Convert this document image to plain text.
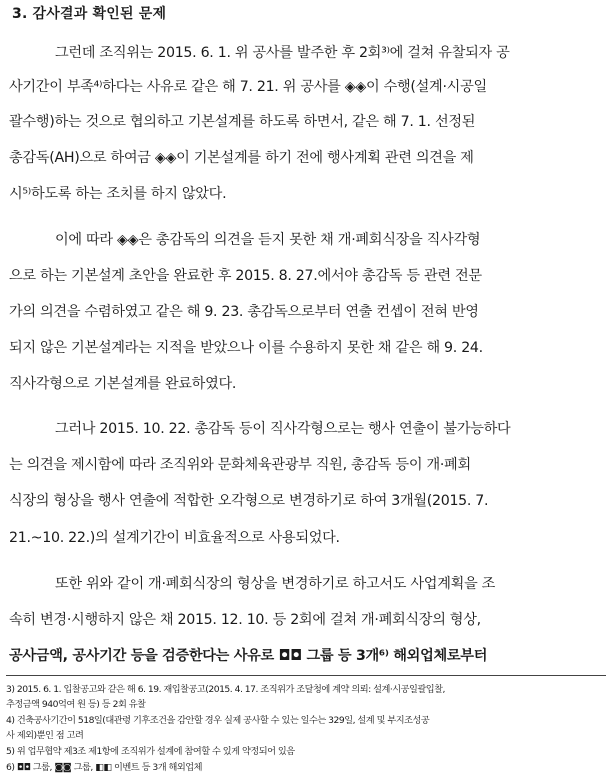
3. 감사결과 확인된 문제
그런데 조직위는 2015. 6. 1. 위 공사를 발주한 후 2회³⁾에 걸쳐 유찰되자 공
사기간이 부족⁴⁾하다는 사유로 같은 해 7. 21. 위 공사를 ◈◈이 수행(설계·시공일
괄수행)하는 것으로 협의하고 기본설계를 하도록 하면서, 같은 해 7. 1. 선정된
총감독(AH)으로 하여금 ◈◈이 기본설계를 하기 전에 행사계획 관련 의견을 제
시⁵⁾하도록 하는 조치를 하지 않았다.
이에 따라 ◈◈은 총감독의 의견을 듣지 못한 채 개·폐회식장을 직사각형
으로 하는 기본설계 초안을 완료한 후 2015. 8. 27.에서야 총감독 등 관련 전문
가의 의견을 수렴하였고 같은 해 9. 23. 총감독으로부터 연출 컨셉이 전혀 반영
되지 않은 기본설계라는 지적을 받았으나 이를 수용하지 못한 채 같은 해 9. 24.
직사각형으로 기본설계를 완료하였다.
그러나 2015. 10. 22. 총감독 등이 직사각형으로는 행사 연출이 불가능하다
는 의견을 제시함에 따라 조직위와 문화체육관광부 직원, 총감독 등이 개·폐회
식장의 형상을 행사 연출에 적합한 오각형으로 변경하기로 하여 3개월(2015. 7.
21.~10. 22.)의 설계기간이 비효율적으로 사용되었다.
또한 위와 같이 개·폐회식장의 형상을 변경하기로 하고서도 사업계획을 조
속히 변경·시행하지 않은 채 2015. 12. 10. 등 2회에 걸쳐 개·폐회식장의 형상,
공사금액, 공사기간 등을 검증한다는 사유로 ◘◘ 그룹 등 3개⁶⁾ 해외업체로부터
3) 2015. 6. 1. 입찰공고와 같은 해 6. 19. 재입찰공고(2015. 4. 17. 조직위가 조달청에 계약 의뢰: 설계·시공일괄입찰,
추정금액 940억여 원 등) 등 2회 유찰
4) 건축공사기간이 518일(대관령 기후조건을 감안할 경우 실제 공사할 수 있는 일수는 329일, 설계 및 부지조성공
사 제외)뿐인 점 고려
5) 위 업무협약 제3조 제1항에 조직위가 설계에 참여할 수 있게 약정되어 있음
6) ◘◘ 그룹, ◙◙ 그룹, ◧◧ 이벤트 등 3개 해외업체
